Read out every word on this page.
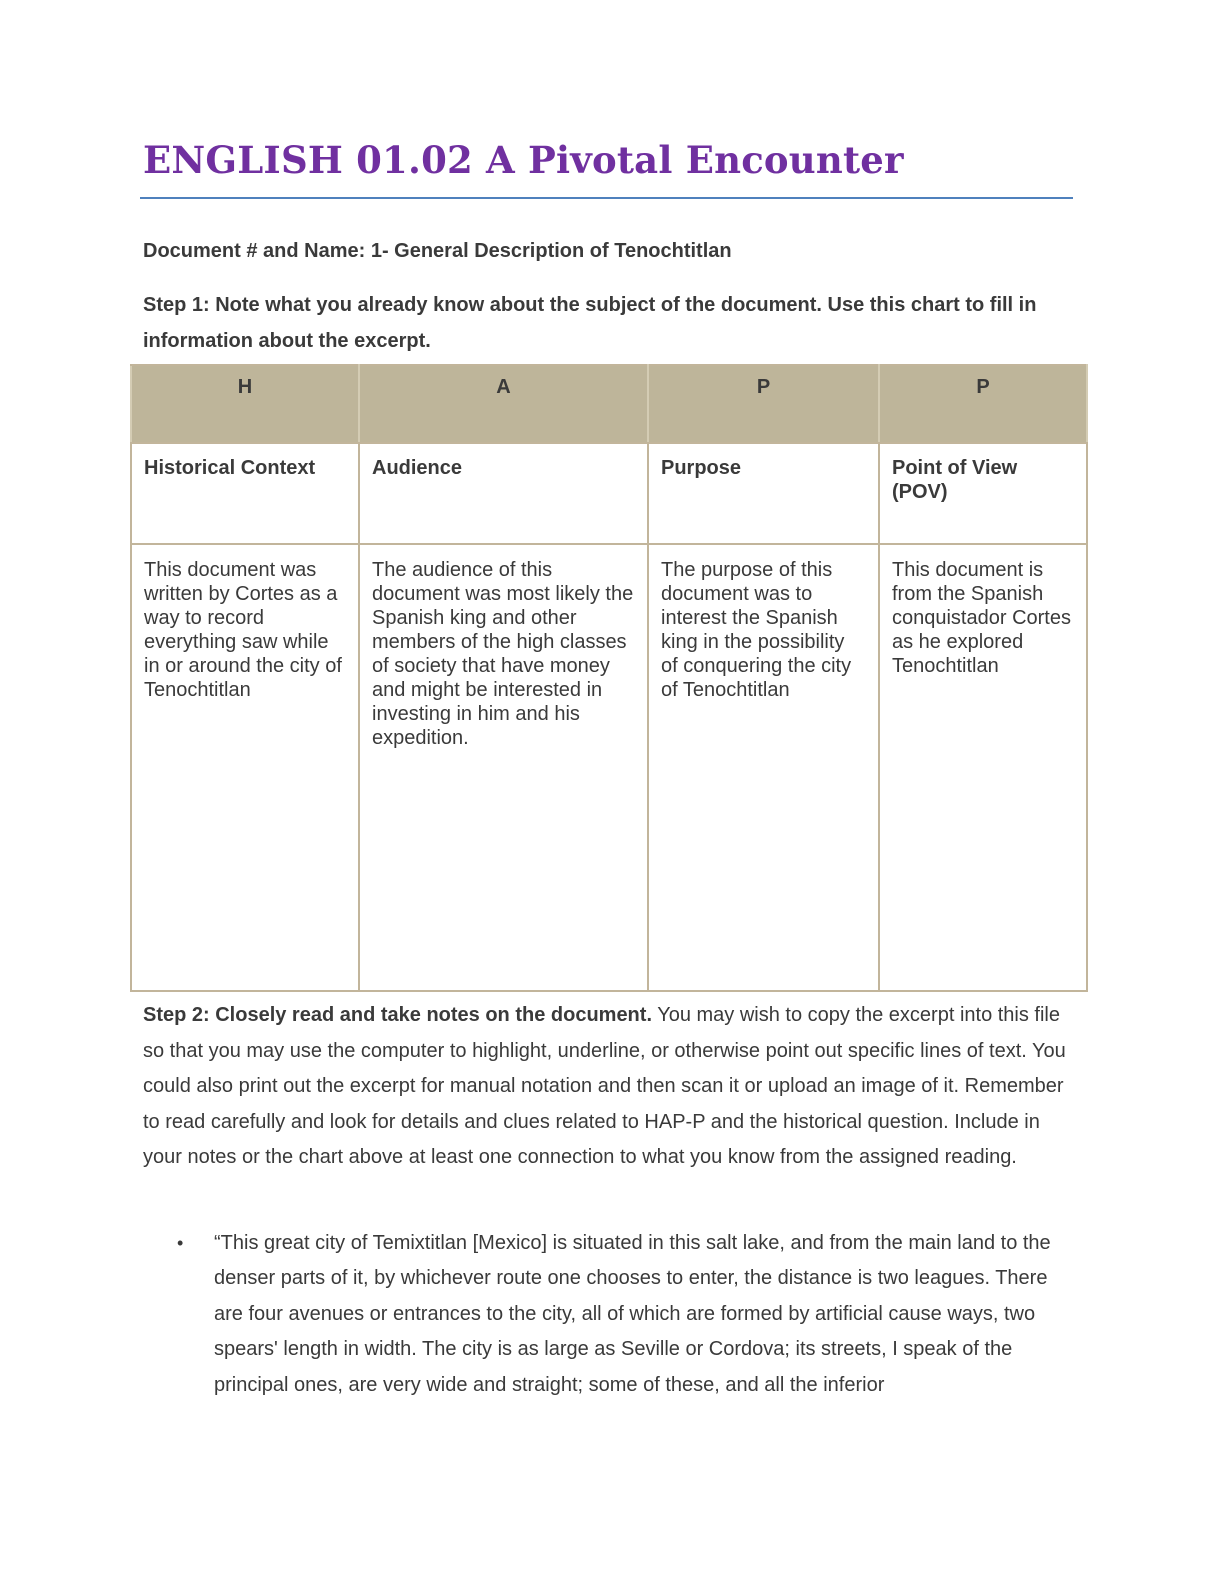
ENGLISH 01.02 A Pivotal Encounter

Document # and Name: 1- General Description of Tenochtitlan

Step 1: Note what you already know about the subject of the document. Use this chart to fill in information about the excerpt.

H	A	P	P
Historical Context	Audience	Purpose	Point of View (POV)
This document was written by Cortes as a way to record everything saw while in or around the city of Tenochtitlan	The audience of this document was most likely the Spanish king and other members of the high classes of society that have money and might be interested in investing in him and his expedition.	The purpose of this document was to interest the Spanish king in the possibility of conquering the city of Tenochtitlan	This document is from the Spanish conquistador Cortes as he explored Tenochtitlan

Step 2: Closely read and take notes on the document. You may wish to copy the excerpt into this file so that you may use the computer to highlight, underline, or otherwise point out specific lines of text. You could also print out the excerpt for manual notation and then scan it or upload an image of it. Remember to read carefully and look for details and clues related to HAP-P and the historical question. Include in your notes or the chart above at least one connection to what you know from the assigned reading.

• “This great city of Temixtitlan [Mexico] is situated in this salt lake, and from the main land to the denser parts of it, by whichever route one chooses to enter, the distance is two leagues. There are four avenues or entrances to the city, all of which are formed by artificial cause ways, two spears' length in width. The city is as large as Seville or Cordova; its streets, I speak of the principal ones, are very wide and straight; some of these, and all the inferior
